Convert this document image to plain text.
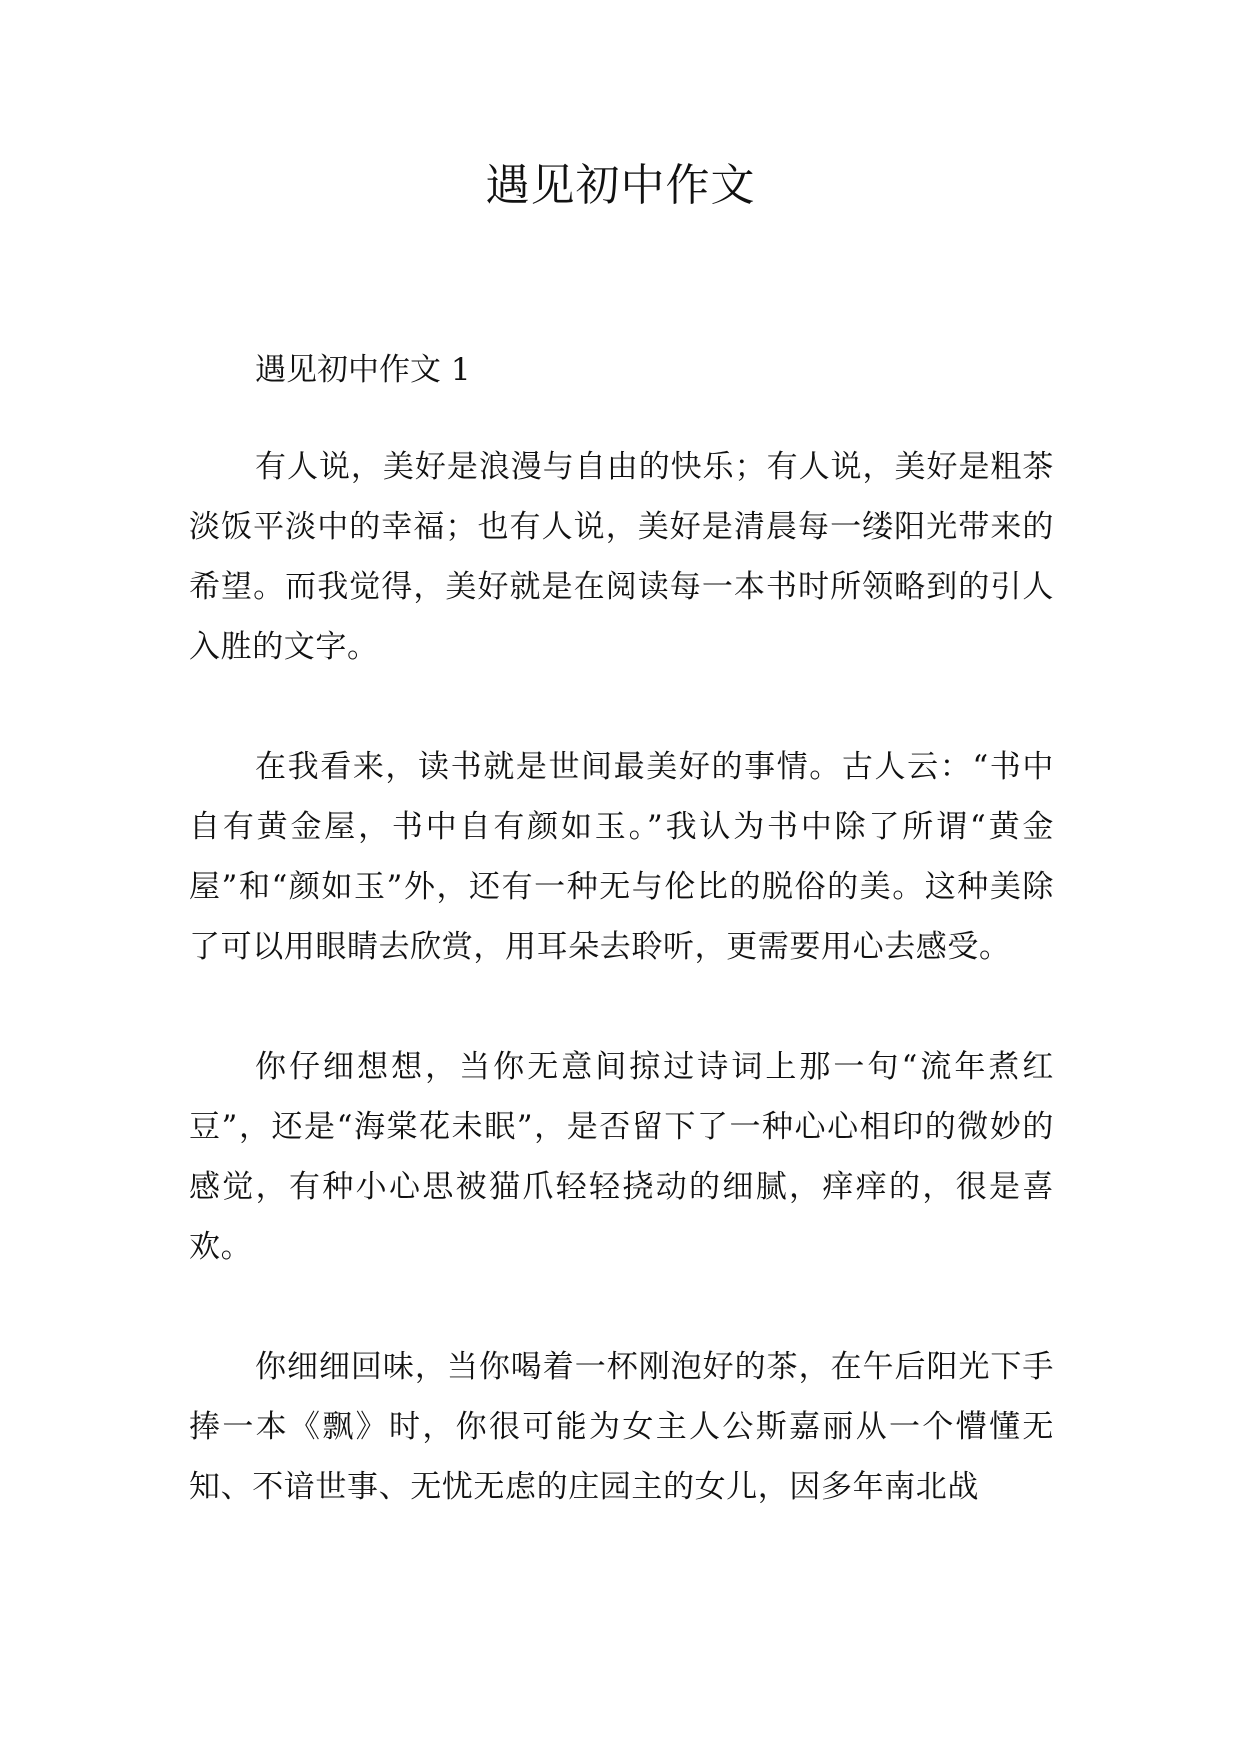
遇见初中作文

遇见初中作文 1

有人说，美好是浪漫与自由的快乐；有人说，美好是粗茶淡饭平淡中的幸福；也有人说，美好是清晨每一缕阳光带来的希望。而我觉得，美好就是在阅读每一本书时所领略到的引人入胜的文字。

在我看来，读书就是世间最美好的事情。古人云：“书中自有黄金屋，书中自有颜如玉。”我认为书中除了所谓“黄金屋”和“颜如玉”外，还有一种无与伦比的脱俗的美。这种美除了可以用眼睛去欣赏，用耳朵去聆听，更需要用心去感受。

你仔细想想，当你无意间掠过诗词上那一句“流年煮红豆”，还是“海棠花未眠”，是否留下了一种心心相印的微妙的感觉，有种小心思被猫爪轻轻挠动的细腻，痒痒的，很是喜欢。

你细细回味，当你喝着一杯刚泡好的茶，在午后阳光下手捧一本《飘》时，你很可能为女主人公斯嘉丽从一个懵懂无知、不谙世事、无忧无虑的庄园主的女儿，因多年南北战
